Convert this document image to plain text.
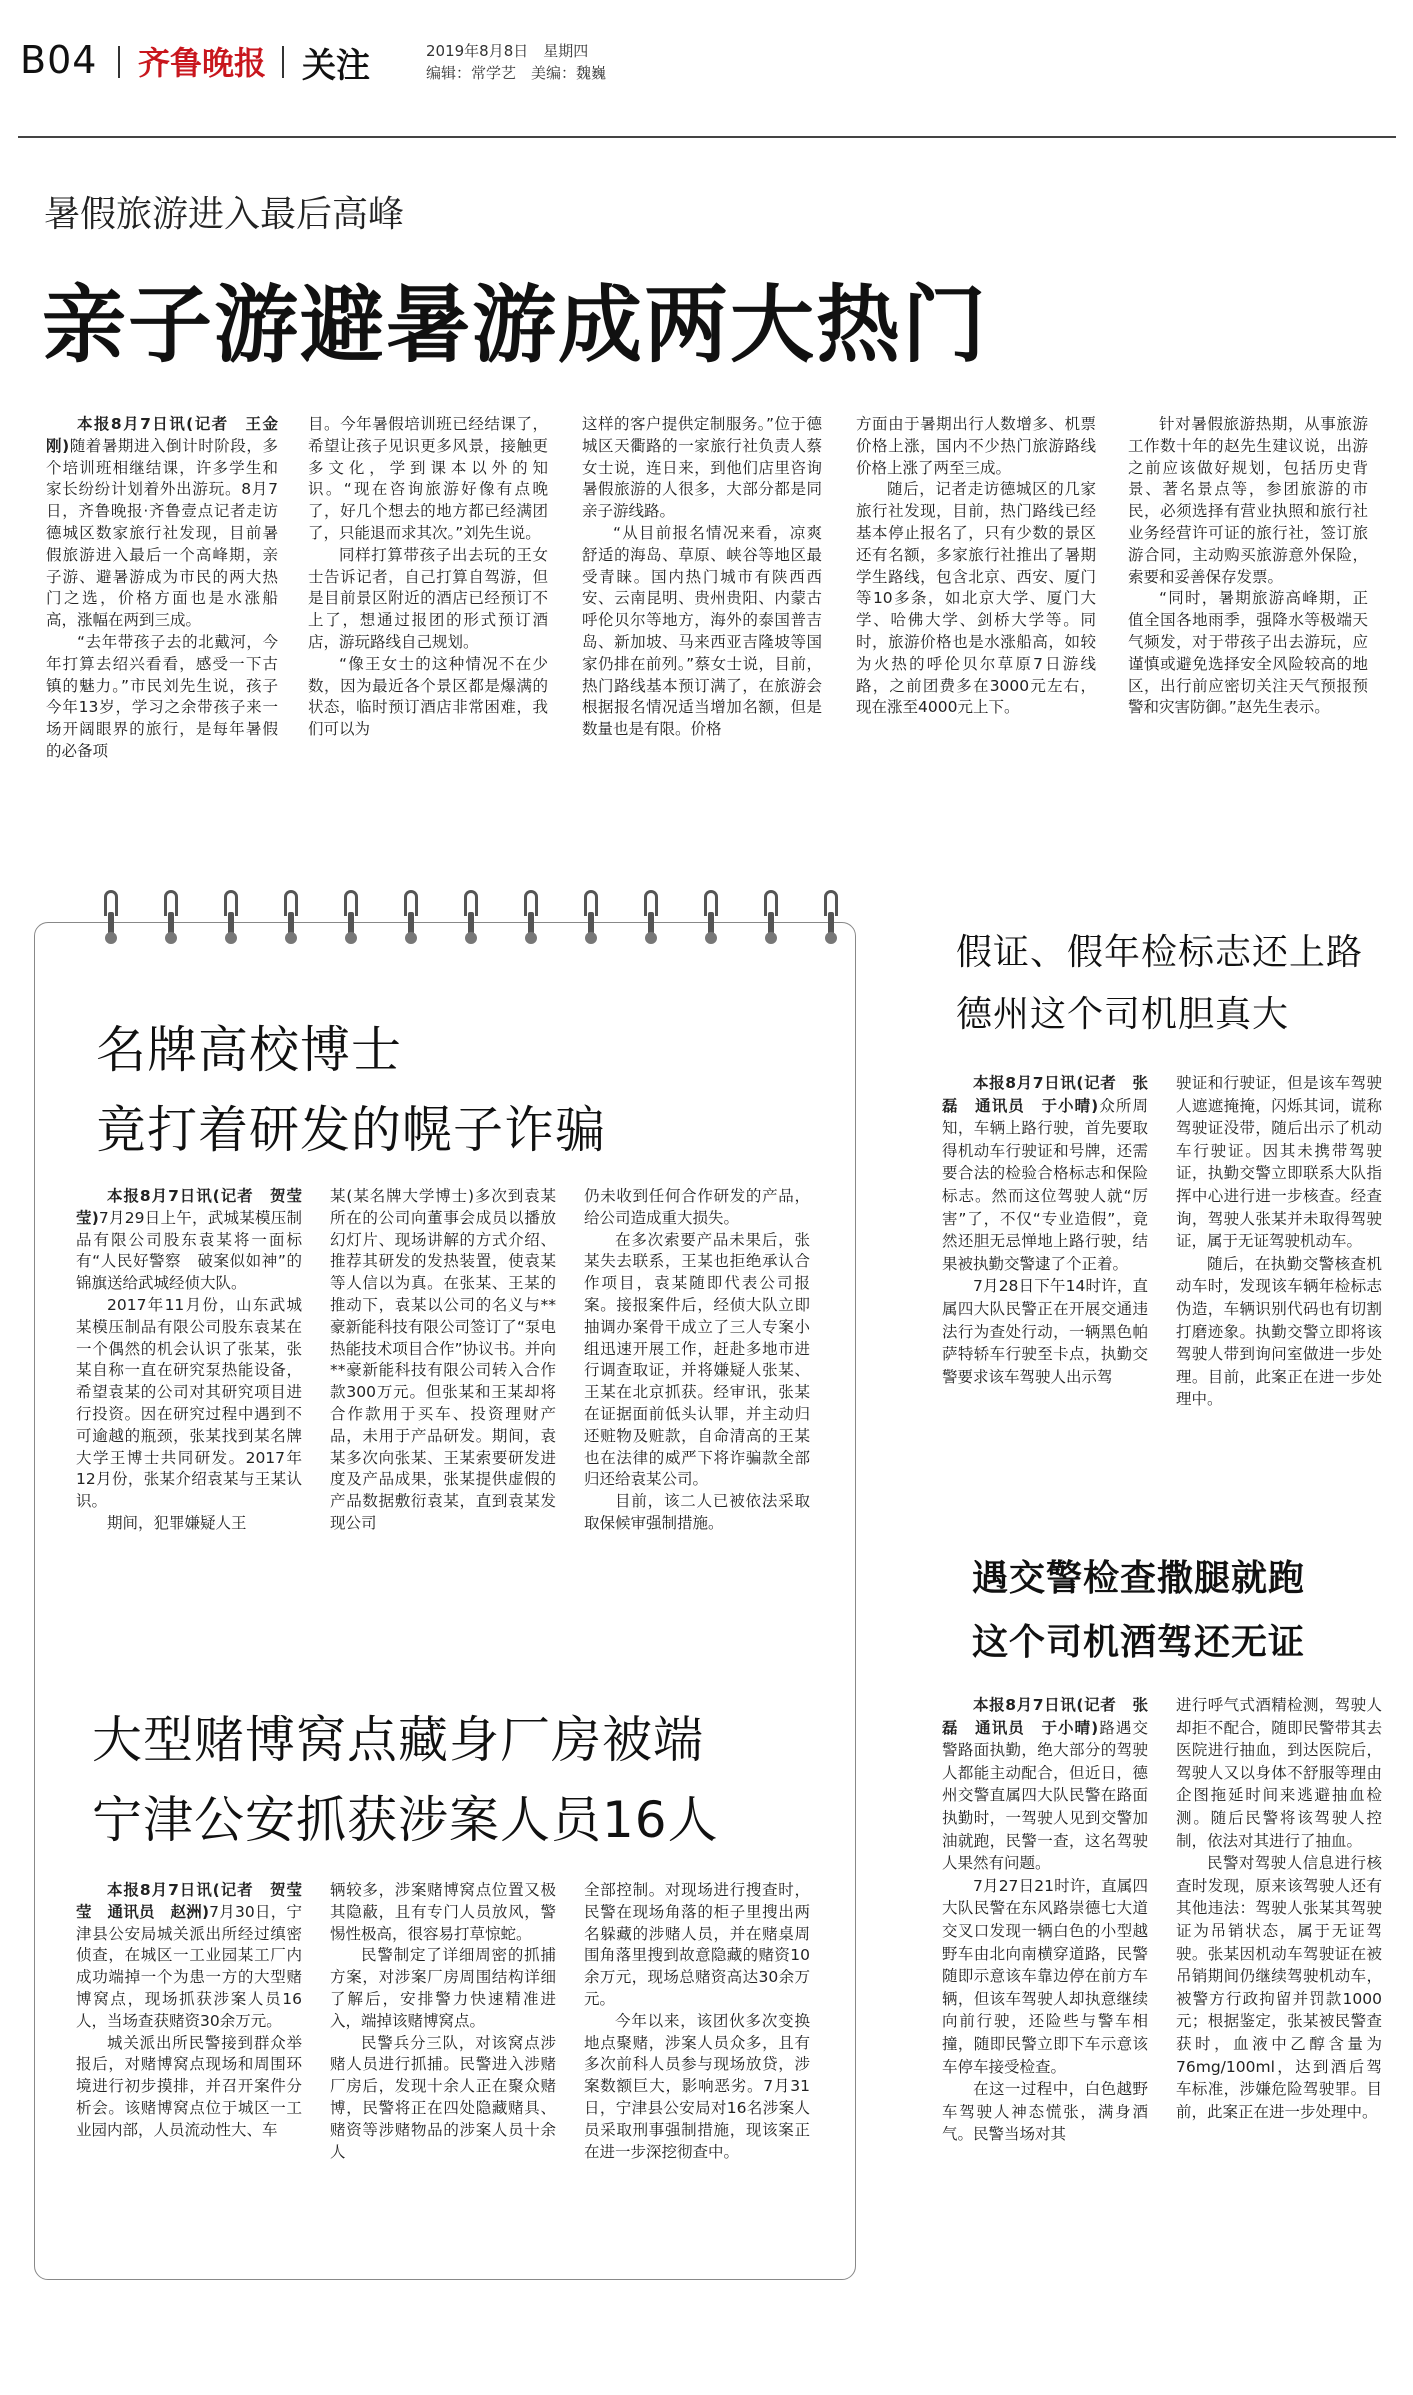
B04 齐鲁晚报 关注	2019年8月8日　星期四
编辑：常学艺　美编：魏巍
暑假旅游进入最后高峰
亲子游避暑游成两大热门

本报8月7日讯(记者　王金刚)随着暑期进入倒计时阶段，多个培训班相继结课，许多学生和家长纷纷计划着外出游玩。8月7日，齐鲁晚报·齐鲁壹点记者走访德城区数家旅行社发现，目前暑假旅游进入最后一个高峰期，亲子游、避暑游成为市民的两大热门之选，价格方面也是水涨船高，涨幅在两到三成。

“去年带孩子去的北戴河，今年打算去绍兴看看，感受一下古镇的魅力。”市民刘先生说，孩子今年13岁，学习之余带孩子来一场开阔眼界的旅行，是每年暑假的必备项

目。今年暑假培训班已经结课了，希望让孩子见识更多风景，接触更多文化，学到课本以外的知识。“现在咨询旅游好像有点晚了，好几个想去的地方都已经满团了，只能退而求其次。”刘先生说。

同样打算带孩子出去玩的王女士告诉记者，自己打算自驾游，但是目前景区附近的酒店已经预订不上了，想通过报团的形式预订酒店，游玩路线自己规划。

“像王女士的这种情况不在少数，因为最近各个景区都是爆满的状态，临时预订酒店非常困难，我们可以为

这样的客户提供定制服务。”位于德城区天衢路的一家旅行社负责人蔡女士说，连日来，到他们店里咨询暑假旅游的人很多，大部分都是同亲子游线路。

“从目前报名情况来看，凉爽舒适的海岛、草原、峡谷等地区最受青睐。国内热门城市有陕西西安、云南昆明、贵州贵阳、内蒙古呼伦贝尔等地方，海外的泰国普吉岛、新加坡、马来西亚吉隆坡等国家仍排在前列。”蔡女士说，目前，热门路线基本预订满了，在旅游会根据报名情况适当增加名额，但是数量也是有限。价格

方面由于暑期出行人数增多、机票价格上涨，国内不少热门旅游路线价格上涨了两至三成。

随后，记者走访德城区的几家旅行社发现，目前，热门路线已经基本停止报名了，只有少数的景区还有名额，多家旅行社推出了暑期学生路线，包含北京、西安、厦门等10多条，如北京大学、厦门大学、哈佛大学、剑桥大学等。同时，旅游价格也是水涨船高，如较为火热的呼伦贝尔草原7日游线路，之前团费多在3000元左右，现在涨至4000元上下。

针对暑假旅游热期，从事旅游工作数十年的赵先生建议说，出游之前应该做好规划，包括历史背景、著名景点等，参团旅游的市民，必须选择有营业执照和旅行社业务经营许可证的旅行社，签订旅游合同，主动购买旅游意外保险，索要和妥善保存发票。

“同时，暑期旅游高峰期，正值全国各地雨季，强降水等极端天气频发，对于带孩子出去游玩，应谨慎或避免选择安全风险较高的地区，出行前应密切关注天气预报预警和灾害防御。”赵先生表示。

名牌高校博士
竟打着研发的幌子诈骗

本报8月7日讯(记者　贺莹莹)7月29日上午，武城某模压制品有限公司股东袁某将一面标有“人民好警察　破案似如神”的锦旗送给武城经侦大队。

2017年11月份，山东武城某模压制品有限公司股东袁某在一个偶然的机会认识了张某，张某自称一直在研究泵热能设备，希望袁某的公司对其研究项目进行投资。因在研究过程中遇到不可逾越的瓶颈，张某找到某名牌大学王博士共同研发。2017年12月份，张某介绍袁某与王某认识。

期间，犯罪嫌疑人王

某(某名牌大学博士)多次到袁某所在的公司向董事会成员以播放幻灯片、现场讲解的方式介绍、推荐其研发的发热装置，使袁某等人信以为真。在张某、王某的推动下，袁某以公司的名义与**豪新能科技有限公司签订了“泵电热能技术项目合作”协议书。并向**豪新能科技有限公司转入合作款300万元。但张某和王某却将合作款用于买车、投资理财产品，未用于产品研发。期间，袁某多次向张某、王某索要研发进度及产品成果，张某提供虚假的产品数据敷衍袁某，直到袁某发现公司

仍未收到任何合作研发的产品，给公司造成重大损失。

在多次索要产品未果后，张某失去联系，王某也拒绝承认合作项目，袁某随即代表公司报案。接报案件后，经侦大队立即抽调办案骨干成立了三人专案小组迅速开展工作，赶赴多地市进行调查取证，并将嫌疑人张某、王某在北京抓获。经审讯，张某在证据面前低头认罪，并主动归还赃物及赃款，自命清高的王某也在法律的威严下将诈骗款全部归还给袁某公司。

目前，该二人已被依法采取取保候审强制措施。

大型赌博窝点藏身厂房被端
宁津公安抓获涉案人员16人

本报8月7日讯(记者　贺莹莹　通讯员　赵洲)7月30日，宁津县公安局城关派出所经过缜密侦查，在城区一工业园某工厂内成功端掉一个为患一方的大型赌博窝点，现场抓获涉案人员16人，当场查获赌资30余万元。

城关派出所民警接到群众举报后，对赌博窝点现场和周围环境进行初步摸排，并召开案件分析会。该赌博窝点位于城区一工业园内部，人员流动性大、车

辆较多，涉案赌博窝点位置又极其隐蔽，且有专门人员放风，警惕性极高，很容易打草惊蛇。

民警制定了详细周密的抓捕方案，对涉案厂房周围结构详细了解后，安排警力快速精准进入，端掉该赌博窝点。

民警兵分三队，对该窝点涉赌人员进行抓捕。民警进入涉赌厂房后，发现十余人正在聚众赌博，民警将正在四处隐藏赌具、赌资等涉赌物品的涉案人员十余人

全部控制。对现场进行搜查时，民警在现场角落的柜子里搜出两名躲藏的涉赌人员，并在赌桌周围角落里搜到故意隐藏的赌资10余万元，现场总赌资高达30余万元。

今年以来，该团伙多次变换地点聚赌，涉案人员众多，且有多次前科人员参与现场放贷，涉案数额巨大，影响恶劣。7月31日，宁津县公安局对16名涉案人员采取刑事强制措施，现该案正在进一步深挖彻查中。

假证、假年检标志还上路
德州这个司机胆真大

本报8月7日讯(记者　张磊　通讯员　于小晴)众所周知，车辆上路行驶，首先要取得机动车行驶证和号牌，还需要合法的检验合格标志和保险标志。然而这位驾驶人就“厉害”了，不仅“专业造假”，竟然还胆无忌惮地上路行驶，结果被执勤交警逮了个正着。

7月28日下午14时许，直属四大队民警正在开展交通违法行为查处行动，一辆黑色帕萨特轿车行驶至卡点，执勤交警要求该车驾驶人出示驾

驶证和行驶证，但是该车驾驶人遮遮掩掩，闪烁其词，谎称驾驶证没带，随后出示了机动车行驶证。因其未携带驾驶证，执勤交警立即联系大队指挥中心进行进一步核查。经查询，驾驶人张某并未取得驾驶证，属于无证驾驶机动车。

随后，在执勤交警核查机动车时，发现该车辆年检标志伪造，车辆识别代码也有切割打磨迹象。执勤交警立即将该驾驶人带到询问室做进一步处理。目前，此案正在进一步处理中。

遇交警检查撒腿就跑
这个司机酒驾还无证

本报8月7日讯(记者　张磊　通讯员　于小晴)路遇交警路面执勤，绝大部分的驾驶人都能主动配合，但近日，德州交警直属四大队民警在路面执勤时，一驾驶人见到交警加油就跑，民警一查，这名驾驶人果然有问题。

7月27日21时许，直属四大队民警在东风路崇德七大道交叉口发现一辆白色的小型越野车由北向南横穿道路，民警随即示意该车靠边停在前方车辆，但该车驾驶人却执意继续向前行驶，还险些与警车相撞，随即民警立即下车示意该车停车接受检查。

在这一过程中，白色越野车驾驶人神态慌张，满身酒气。民警当场对其

进行呼气式酒精检测，驾驶人却拒不配合，随即民警带其去医院进行抽血，到达医院后，驾驶人又以身体不舒服等理由企图拖延时间来逃避抽血检测。随后民警将该驾驶人控制，依法对其进行了抽血。

民警对驾驶人信息进行核查时发现，原来该驾驶人还有其他违法：驾驶人张某其驾驶证为吊销状态，属于无证驾驶。张某因机动车驾驶证在被吊销期间仍继续驾驶机动车，被警方行政拘留并罚款1000元；根据鉴定，张某被民警查获时，血液中乙醇含量为76mg/100ml，达到酒后驾车标准，涉嫌危险驾驶罪。目前，此案正在进一步处理中。
